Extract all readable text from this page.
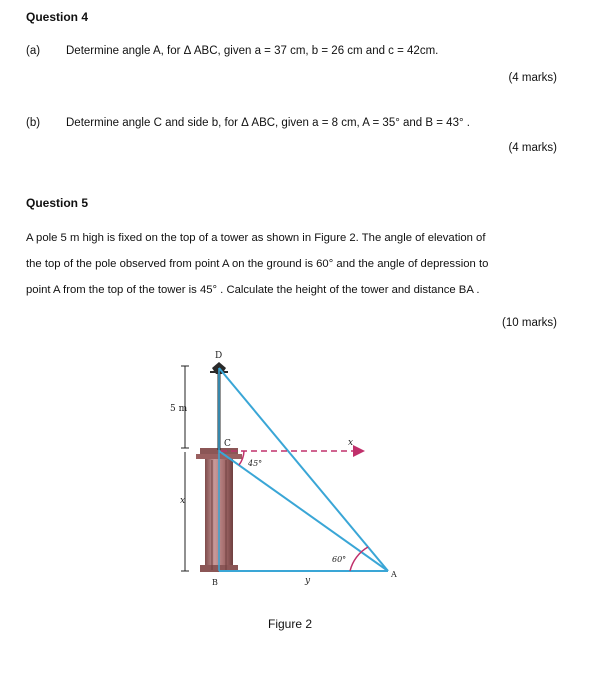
Question 4
(a) Determine angle A, for Δ ABC, given a = 37 cm, b = 26 cm and c = 42cm.
(4 marks)
(b) Determine angle C and side b, for Δ ABC, given a = 8 cm, A = 35° and B = 43° .
(4 marks)
Question 5
A pole 5 m high is fixed on the top of a tower as shown in Figure 2. The angle of elevation of
the top of the pole observed from point A on the ground is 60° and the angle of depression to
point A from the top of the tower is 45° . Calculate the height of the tower and distance BA .
(10 marks)
D
C
B
A
5 m
x
y
x
45°
60°
Figure 2
